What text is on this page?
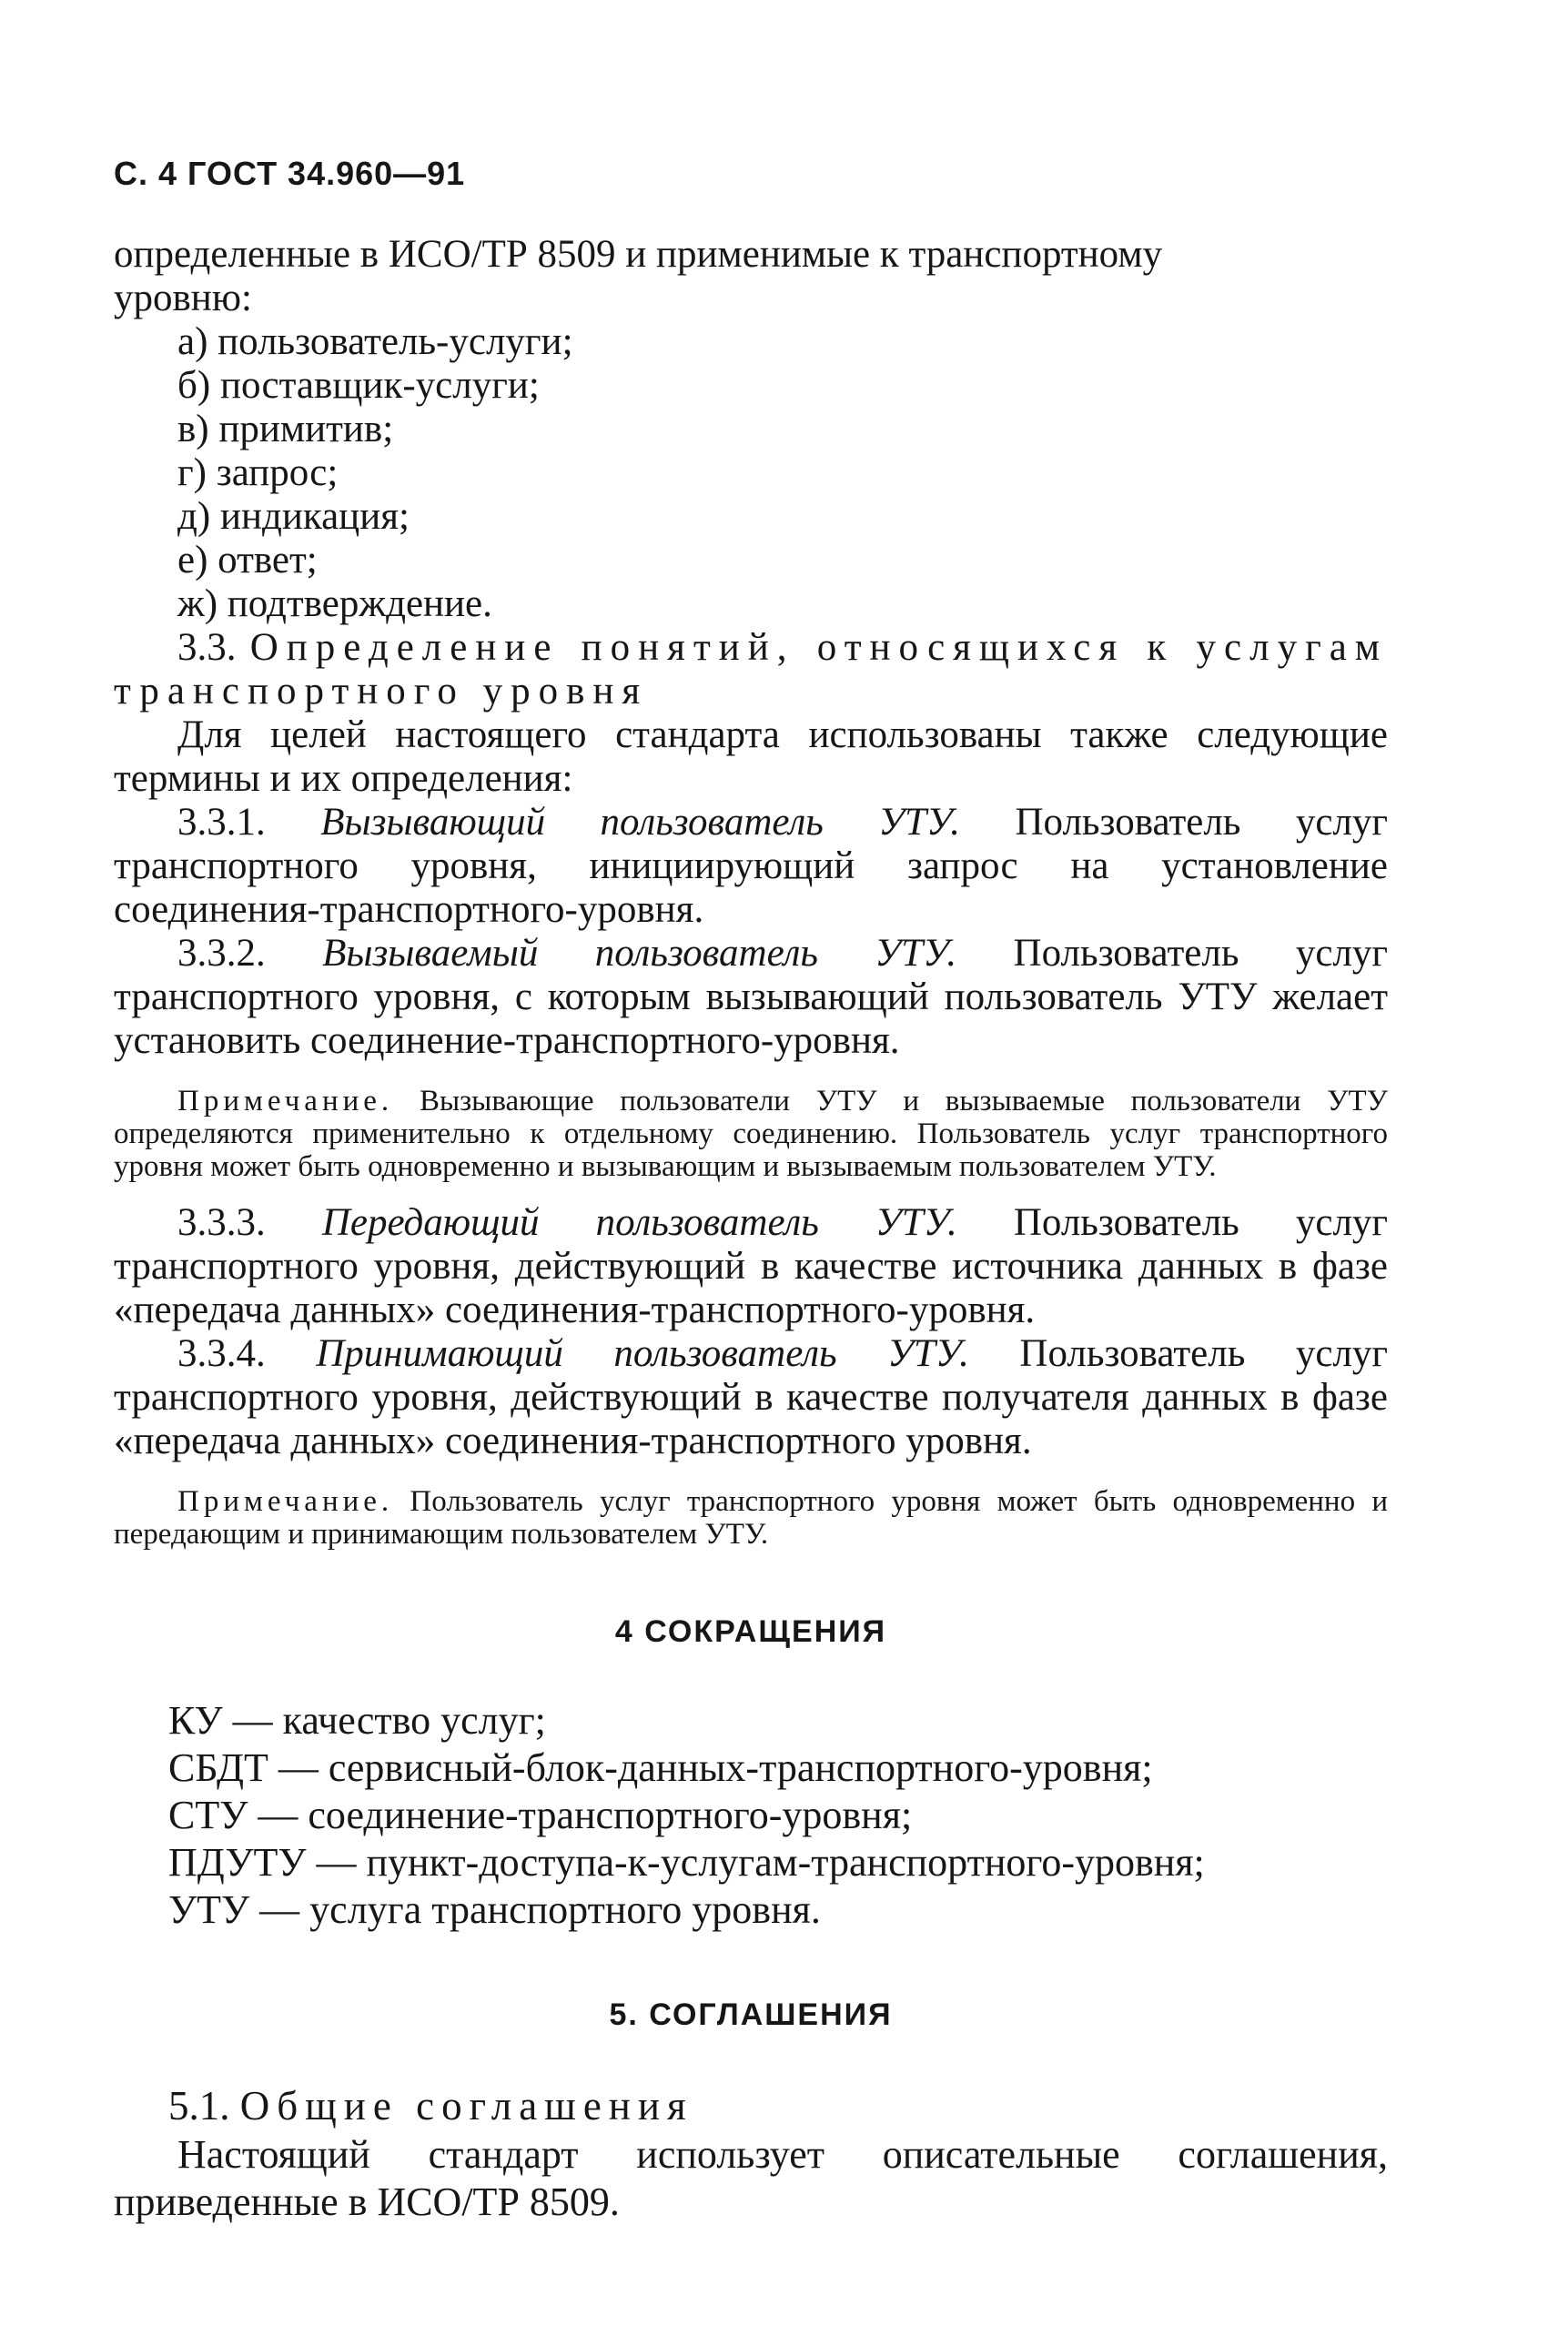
С. 4 ГОСТ 34.960—91

определенные в ИСО/ТР 8509 и применимые к транспортному
уровню:

а) пользователь-услуги;

б) поставщик-услуги;

в) примитив;

г) запрос;

д) индикация;

е) ответ;

ж) подтверждение.

3.3. Определение понятий, относящихся к услугам транспортного уровня

Для целей настоящего стандарта использованы также следующие термины и их определения:

3.3.1. Вызывающий пользователь УТУ. Пользователь услуг транспортного уровня, инициирующий запрос на установление соединения-транспортного-уровня.

3.3.2. Вызываемый пользователь УТУ. Пользователь услуг транспортного уровня, с которым вызывающий пользователь УТУ желает установить соединение-транспортного-уровня.

Примечание. Вызывающие пользователи УТУ и вызываемые пользователи УТУ определяются применительно к отдельному соединению. Пользователь услуг транспортного уровня может быть одновременно и вызывающим и вызываемым пользователем УТУ.

3.3.3. Передающий пользователь УТУ. Пользователь услуг транспортного уровня, действующий в качестве источника данных в фазе «передача данных» соединения-транспортного-уровня.

3.3.4. Принимающий пользователь УТУ. Пользователь услуг транспортного уровня, действующий в качестве получателя данных в фазе «передача данных» соединения-транспортного уровня.

Примечание. Пользователь услуг транспортного уровня может быть одновременно и передающим и принимающим пользователем УТУ.

4 СОКРАЩЕНИЯ

КУ — качество услуг;

СБДТ — сервисный-блок-данных-транспортного-уровня;

СТУ — соединение-транспортного-уровня;

ПДУТУ — пункт-доступа-к-услугам-транспортного-уровня;

УТУ — услуга транспортного уровня.

5. СОГЛАШЕНИЯ

5.1. Общие соглашения

Настоящий стандарт использует описательные соглашения, приведенные в ИСО/ТР 8509.
